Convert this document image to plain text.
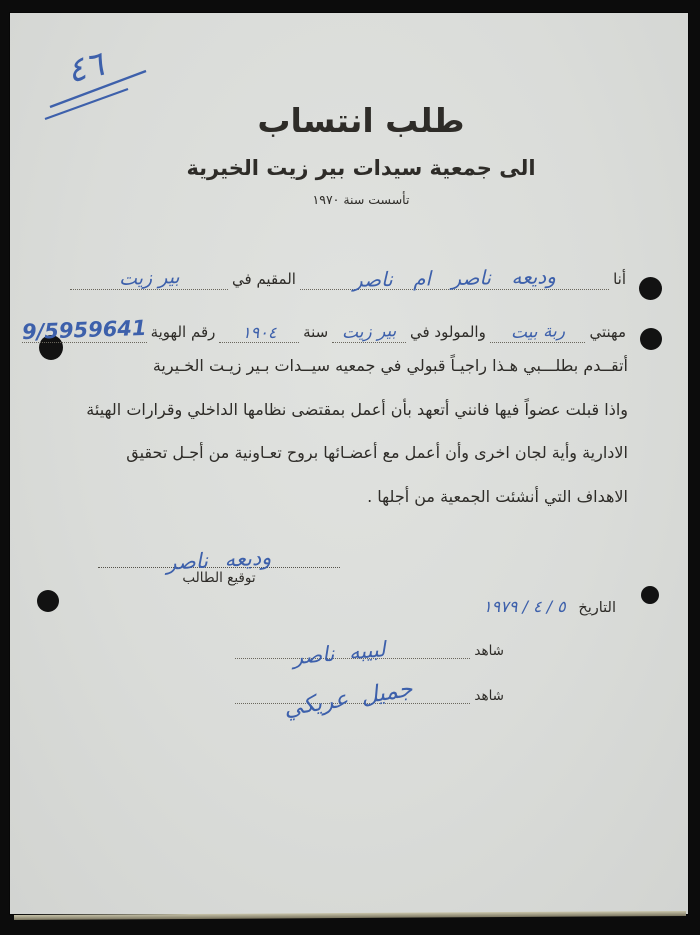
٤٦
طلب انتساب
الى جمعية سيدات بير زيت الخيرية
تأسست سنة ١٩٧٠
أنا
وديعه ناصر ام ناصر
المقيم في
بير زيت
مهنتي
ربة بيت
والمولود في
بير زيت
سنة
١٩٠٤
رقم الهوية
9/5959641
أتقــدم بطلـــبي هـذا راجيـاً قبولي في جمعيه سيــدات بـير زيـت الخـيرية
واذا قبلت عضواً فيها فانني أتعهد بأن أعمل بمقتضى نظامها الداخلي وقرارات الهيئة
الادارية وأية لجان اخرى وأن أعمل مع أعضـائها بروح تعـاونية من أجـل تحقيق
الاهداف التي أنشئت الجمعية من أجلها .
وديعه ناصر
توقيع الطالب
التاريخ ٥ / ٤ / ١٩٧٩
شاهد
لبيبه ناصر
شاهد
جميل عريكي
